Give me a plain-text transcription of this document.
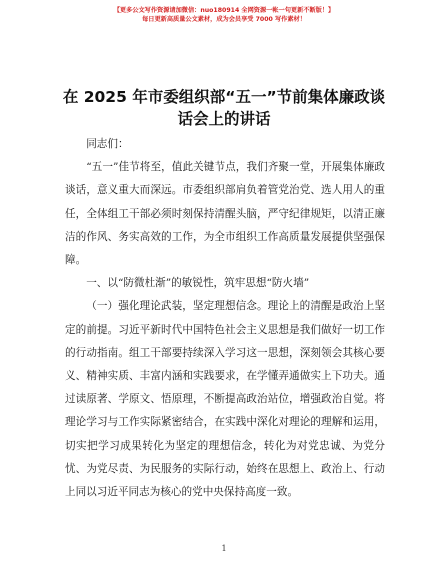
【更多公文写作资源请加微信：nuo180914 全网资源一帐一句更新不断版！】
每日更新高质量公文素材，成为会员享受 7000 写作素材！
在 2025 年市委组织部“五一”节前集体廉政谈话会上的讲话

同志们：

“五一”佳节将至，值此关键节点，我们齐聚一堂，开展集体廉政谈话，意义重大而深远。市委组织部肩负着管党治党、选人用人的重任，全体组工干部必须时刻保持清醒头脑，严守纪律规矩，以清正廉洁的作风、务实高效的工作，为全市组织工作高质量发展提供坚强保障。

一、以“防微杜渐”的敏锐性，筑牢思想“防火墙”

（一）强化理论武装，坚定理想信念。理论上的清醒是政治上坚定的前提。习近平新时代中国特色社会主义思想是我们做好一切工作的行动指南。组工干部要持续深入学习这一思想，深刻领会其核心要义、精神实质、丰富内涵和实践要求，在学懂弄通做实上下功夫。通过读原著、学原文、悟原理，不断提高政治站位，增强政治自觉。将理论学习与工作实际紧密结合，在实践中深化对理论的理解和运用，切实把学习成果转化为坚定的理想信念，转化为对党忠诚、为党分忧、为党尽责、为民服务的实际行动，始终在思想上、政治上、行动上同以习近平同志为核心的党中央保持高度一致。

1
